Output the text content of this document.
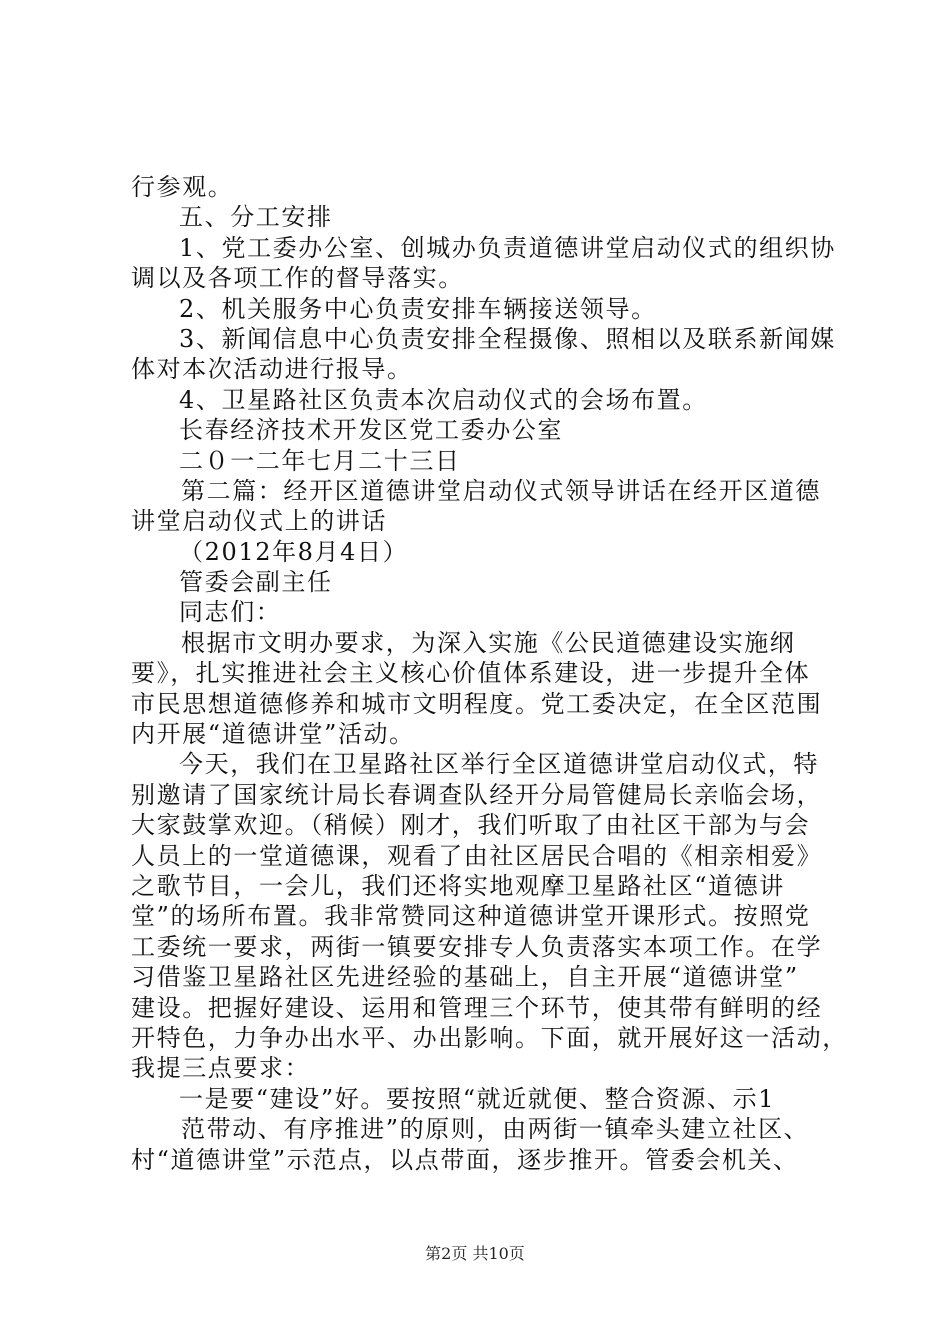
行参观。
五、分工安排
1、党工委办公室、创城办负责道德讲堂启动仪式的组织协
调以及各项工作的督导落实。
2、机关服务中心负责安排车辆接送领导。
3、新闻信息中心负责安排全程摄像、照相以及联系新闻媒
体对本次活动进行报导。
4、卫星路社区负责本次启动仪式的会场布置。
长春经济技术开发区党工委办公室
二０一二年七月二十三日
第二篇：经开区道德讲堂启动仪式领导讲话在经开区道德
讲堂启动仪式上的讲话
（2012年8月4日）
管委会副主任
同志们：
根据市文明办要求，为深入实施《公民道德建设实施纲
要》，扎实推进社会主义核心价值体系建设，进一步提升全体
市民思想道德修养和城市文明程度。党工委决定，在全区范围
内开展“道德讲堂”活动。
今天，我们在卫星路社区举行全区道德讲堂启动仪式，特
别邀请了国家统计局长春调查队经开分局管健局长亲临会场，
大家鼓掌欢迎。（稍候）刚才，我们听取了由社区干部为与会
人员上的一堂道德课，观看了由社区居民合唱的《相亲相爱》
之歌节目，一会儿，我们还将实地观摩卫星路社区“道德讲
堂”的场所布置。我非常赞同这种道德讲堂开课形式。按照党
工委统一要求，两街一镇要安排专人负责落实本项工作。在学
习借鉴卫星路社区先进经验的基础上，自主开展“道德讲堂”
建设。把握好建设、运用和管理三个环节，使其带有鲜明的经
开特色，力争办出水平、办出影响。下面，就开展好这一活动，
我提三点要求：
一是要“建设”好。要按照“就近就便、整合资源、示1
范带动、有序推进”的原则，由两街一镇牵头建立社区、
村“道德讲堂”示范点，以点带面，逐步推开。管委会机关、
第2页 共10页
